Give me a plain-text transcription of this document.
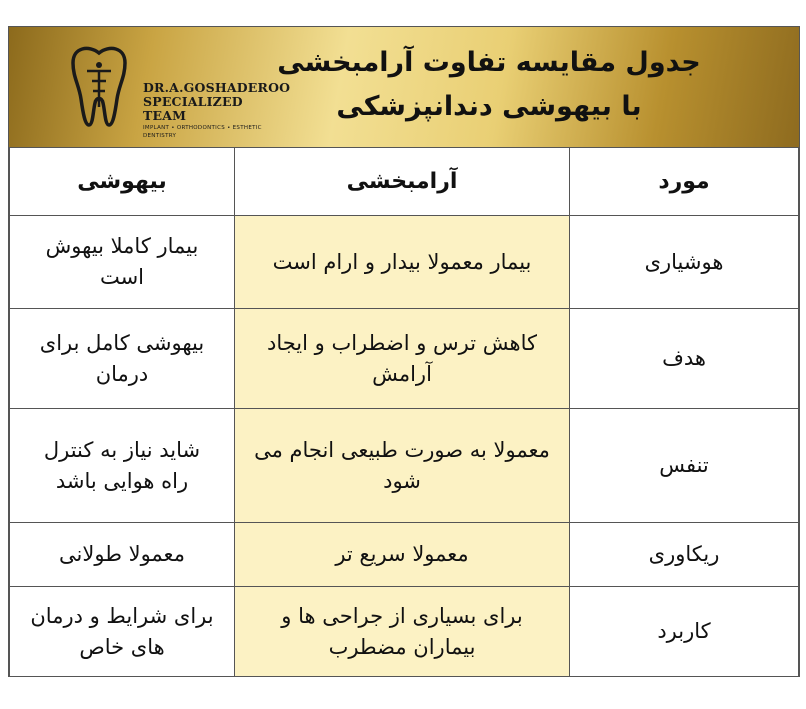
جدول مقایسه تفاوت آرامبخشی
با بیهوشی دندانپزشکی
DR.A.GOSHADEROO
SPECIALIZED TEAM
IMPLANT • ORTHODONTICS • ESTHETIC DENTISTRY
مورد	آرامبخشی	بیهوشی
هوشیاری	بیمار معمولا بیدار و ارام است	بیمار کاملا بیهوش است
هدف	کاهش ترس و اضطراب و ایجاد آرامش	بیهوشی کامل برای درمان
تنفس	معمولا به صورت طبیعی انجام می شود	شاید نیاز به کنترل راه هوایی باشد
ریکاوری	معمولا سریع تر	معمولا طولانی
کاربرد	برای بسیاری از جراحی ها و بیماران مضطرب	برای شرایط و درمان های خاص
